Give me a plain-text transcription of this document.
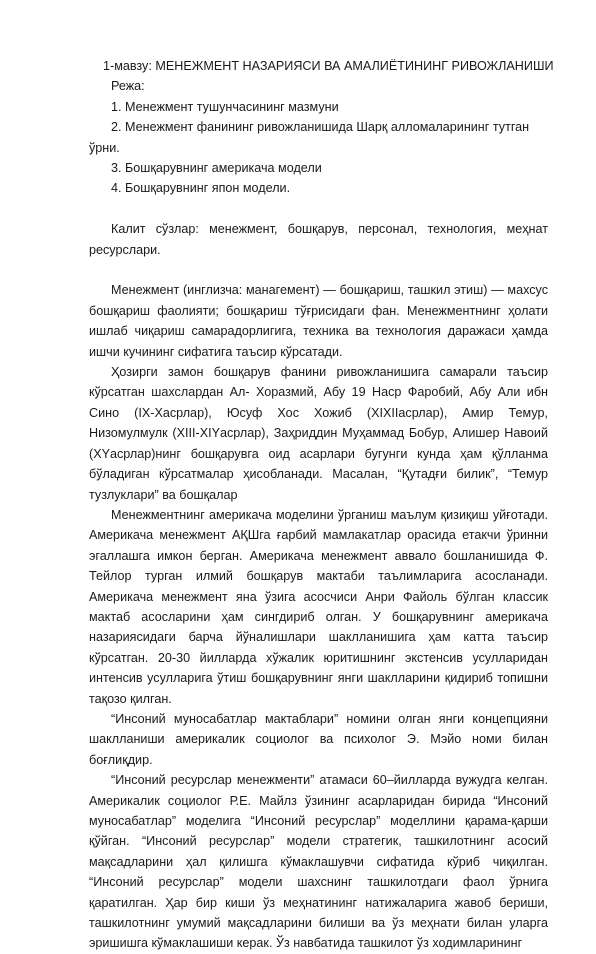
1-мавзу: МЕНЕЖМЕНТ НАЗАРИЯСИ ВА АМАЛИЁТИНИНГ РИВОЖЛАНИШИ

Режа:

1. Менежмент тушунчасининг мазмуни

2. Менежмент фанининг ривожланишида Шарқ алломаларининг тутган ўрни.

3. Бошқарувнинг америкача модели

4. Бошқарувнинг япон модели.

Калит сўзлар: менежмент, бошқарув, персонал, технология, меҳнат ресурслари.

Менежмент (инглизча: манагемент) — бошқариш, ташкил этиш) — махсус бошқариш фаолияти; бошқариш тўғрисидаги фан. Менежментнинг ҳолати ишлаб чиқариш самарадорлигига, техника ва технология даражаси ҳамда ишчи кучининг сифатига таъсир кўрсатади.

Ҳозирги замон бошқарув фанини ривожланишига самарали таъсир кўрсатган шахслардан Ал- Хоразмий, Абу 19 Наср Фаробий, Абу Али ибн Сино (IX-Хасрлар), Юсуф Хос Хожиб (XIXIIасрлар), Амир Темур, Низомулмулк (XIII-XIYасрлар), Заҳриддин Муҳаммад Бобур, Алишер Навоий (XYасрлар)нинг бошқарувга оид асарлари бугунги кунда ҳам қўлланма бўладиган кўрсатмалар ҳисобланади. Масалан, “Қутадғи билик”, “Темур тузлуклари” ва бошқалар

Менежментнинг америкача моделини ўрганиш маълум қизиқиш уйғотади. Америкача менежмент АҚШга ғарбий мамлакатлар орасида етакчи ўринни эгаллашга имкон берган. Америкача менежмент аввало бошланишида Ф. Тейлор турган илмий бошқарув мактаби таълимларига асосланади. Америкача менежмент яна ўзига асосчиси Анри Файоль бўлган классик мактаб асосларини ҳам сингдириб олган. У бошқарувнинг америкача назариясидаги барча йўналишлари шаклланишига ҳам катта таъсир кўрсатган. 20-30 йилларда хўжалик юритишнинг экстенсив усулларидан интенсив усулларига ўтиш бошқарувнинг янги шаклларини қидириб топишни тақозо қилган.

“Инсоний муносабатлар мактаблари” номини олган янги концепцияни шаклланиши америкалик социолог ва психолог Э. Мэйо номи билан боғлиқдир.

“Инсоний ресурслар менежменти” атамаси 60–йилларда вужудга келган. Америкалик социолог Р.Е. Майлз ўзининг асарларидан бирида “Инсоний муносабатлар” моделига “Инсоний ресурслар” моделлини қарама-қарши қўйган. “Инсоний ресурслар” модели стратегик, ташкилотнинг асосий мақсадларини ҳал қилишга кўмаклашувчи сифатида кўриб чиқилган. “Инсоний ресурслар” модели шахснинг ташкилотдаги фаол ўрнига қаратилган. Ҳар бир киши ўз меҳнатининг натижаларига жавоб бериши, ташкилотнинг умумий мақсадларини билиши ва ўз меҳнати билан уларга эришишга кўмаклашиши керак. Ўз навбатида ташкилот ўз ходимларининг
